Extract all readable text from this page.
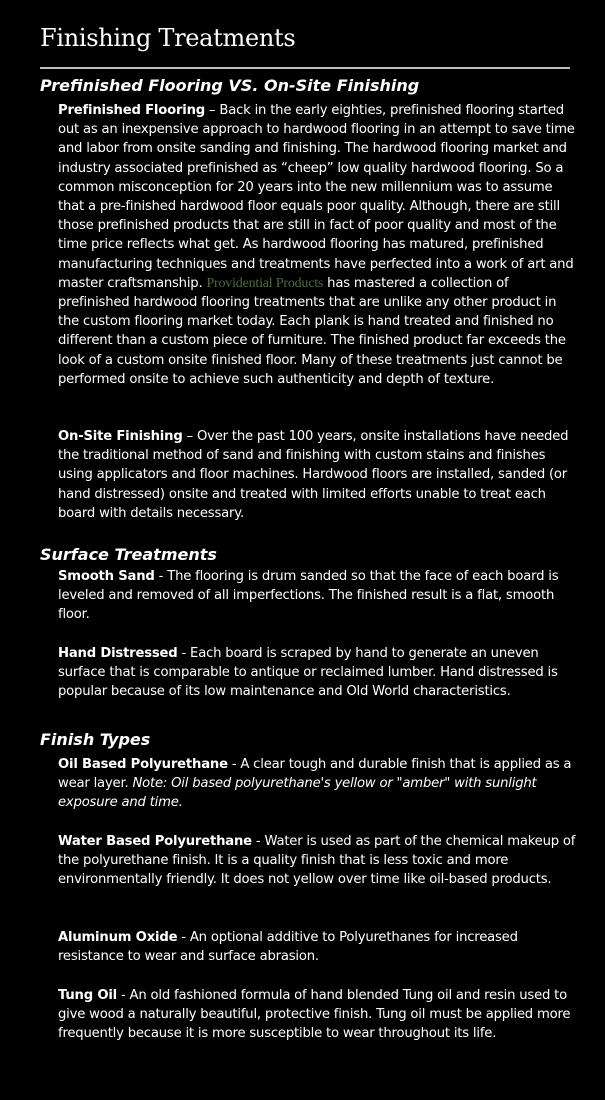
Finishing Treatments
Prefinished Flooring VS. On-Site Finishing
Prefinished Flooring – Back in the early eighties, prefinished flooring started out as an inexpensive approach to hardwood flooring in an attempt to save time and labor from onsite sanding and finishing. The hardwood flooring market and industry associated prefinished as “cheep” low quality hardwood flooring. So a common misconception for 20 years into the new millennium was to assume that a pre-finished hardwood floor equals poor quality. Although, there are still those prefinished products that are still in fact of poor quality and most of the time price reflects what get. As hardwood flooring has matured, prefinished manufacturing techniques and treatments have perfected into a work of art and master craftsmanship. Providential Products has mastered a collection of prefinished hardwood flooring treatments that are unlike any other product in the custom flooring market today. Each plank is hand treated and finished no different than a custom piece of furniture. The finished product far exceeds the look of a custom onsite finished floor. Many of these treatments just cannot be performed onsite to achieve such authenticity and depth of texture.
On-Site Finishing – Over the past 100 years, onsite installations have needed the traditional method of sand and finishing with custom stains and finishes using applicators and floor machines. Hardwood floors are installed, sanded (or hand distressed) onsite and treated with limited efforts unable to treat each board with details necessary.
Surface Treatments
Smooth Sand - The flooring is drum sanded so that the face of each board is leveled and removed of all imperfections. The finished result is a flat, smooth floor.
Hand Distressed - Each board is scraped by hand to generate an uneven surface that is comparable to antique or reclaimed lumber. Hand distressed is popular because of its low maintenance and Old World characteristics.
Finish Types
Oil Based Polyurethane - A clear tough and durable finish that is applied as a wear layer. Note: Oil based polyurethane's yellow or "amber" with sunlight exposure and time.
Water Based Polyurethane - Water is used as part of the chemical makeup of the polyurethane finish. It is a quality finish that is less toxic and more environmentally friendly. It does not yellow over time like oil-based products.
Aluminum Oxide - An optional additive to Polyurethanes for increased resistance to wear and surface abrasion.
Tung Oil - An old fashioned formula of hand blended Tung oil and resin used to give wood a naturally beautiful, protective finish. Tung oil must be applied more frequently because it is more susceptible to wear throughout its life.
